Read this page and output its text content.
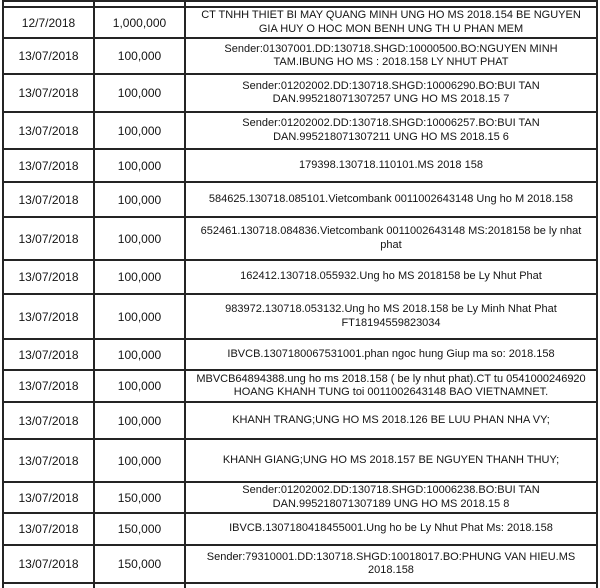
12/7/2018	1,000,000	CT TNHH THIET BI MAY QUANG MINH UNG HO MS 2018.154 BE NGUYEN GIA HUY O HOC MON BENH UNG TH U PHAN MEM
13/07/2018	100,000	Sender:01307001.DD:130718.SHGD:10000500.BO:NGUYEN MINH TAM.IBUNG HO MS : 2018.158 LY NHUT PHAT
13/07/2018	100,000	Sender:01202002.DD:130718.SHGD:10006290.BO:BUI TAN DAN.995218071307257 UNG HO MS 2018.15 7
13/07/2018	100,000	Sender:01202002.DD:130718.SHGD:10006257.BO:BUI TAN DAN.995218071307211 UNG HO MS 2018.15 6
13/07/2018	100,000	179398.130718.110101.MS 2018 158
13/07/2018	100,000	584625.130718.085101.Vietcombank 0011002643148 Ung ho M 2018.158
13/07/2018	100,000	652461.130718.084836.Vietcombank 0011002643148 MS:2018158 be ly nhat phat
13/07/2018	100,000	162412.130718.055932.Ung ho MS 2018158 be Ly Nhut Phat
13/07/2018	100,000	983972.130718.053132.Ung ho MS 2018.158 be Ly Minh Nhat Phat FT18194559823034
13/07/2018	100,000	IBVCB.1307180067531001.phan ngoc hung Giup ma so: 2018.158
13/07/2018	100,000	MBVCB64894388.ung ho ms 2018.158 ( be ly nhut phat).CT tu 0541000246920 HOANG KHANH TUNG toi 0011002643148 BAO VIETNAMNET.
13/07/2018	100,000	KHANH TRANG;UNG HO MS 2018.126 BE LUU PHAN NHA VY;
13/07/2018	100,000	KHANH GIANG;UNG HO MS 2018.157 BE NGUYEN THANH THUY;
13/07/2018	150,000	Sender:01202002.DD:130718.SHGD:10006238.BO:BUI TAN DAN.995218071307189 UNG HO MS 2018.15 8
13/07/2018	150,000	IBVCB.1307180418455001.Ung ho be Ly Nhut Phat Ms: 2018.158
13/07/2018	150,000	Sender:79310001.DD:130718.SHGD:10018017.BO:PHUNG VAN HIEU.MS 2018.158
